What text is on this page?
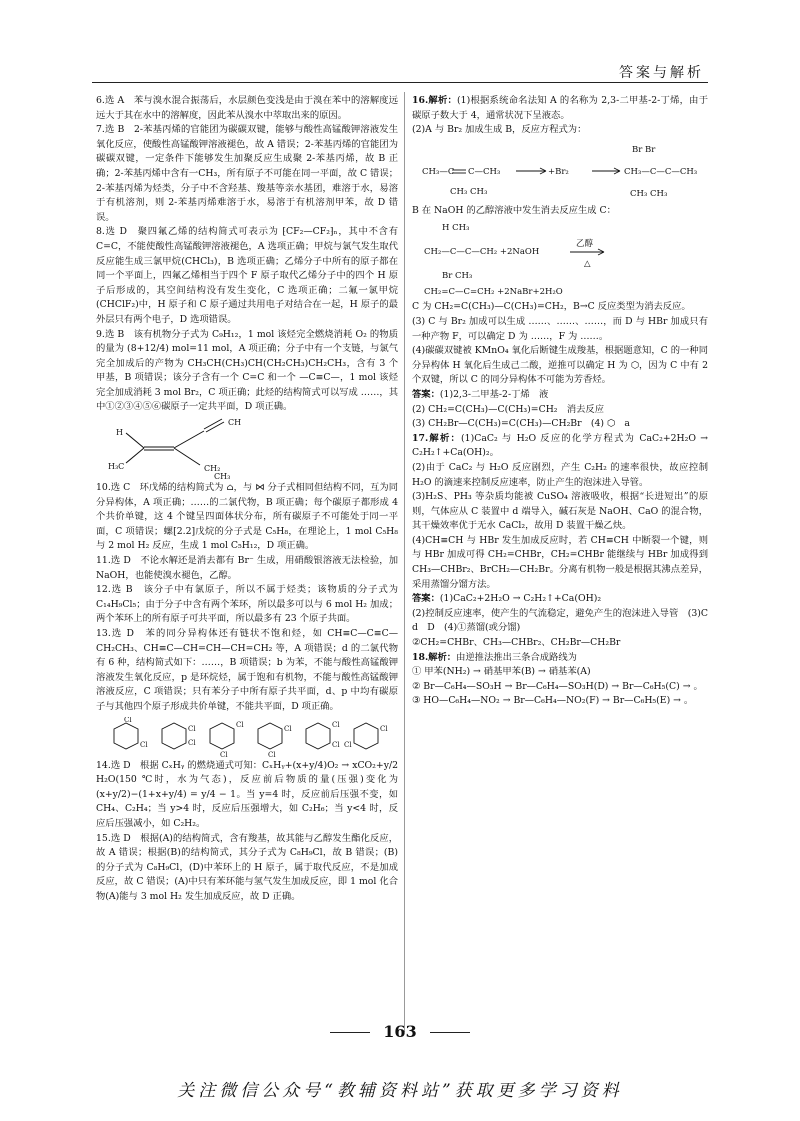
答案与解析

6.选 A　苯与溴水混合振荡后，水层颜色变浅是由于溴在苯中的溶解度远远大于其在水中的溶解度，因此苯从溴水中萃取出来的原因。

7.选 B　2-苯基丙烯的官能团为碳碳双键，能够与酸性高锰酸钾溶液发生氧化反应，使酸性高锰酸钾溶液褪色，故 A 错误；2-苯基丙烯的官能团为碳碳双键，一定条件下能够发生加聚反应生成聚 2-苯基丙烯，故 B 正确；2-苯基丙烯中含有一CH₃，所有原子不可能在同一平面，故 C 错误；2-苯基丙烯为烃类，分子中不含羟基、羧基等亲水基团，难溶于水，易溶于有机溶剂，则 2-苯基丙烯难溶于水，易溶于有机溶剂甲苯，故 D 错误。

8.选 D　聚四氟乙烯的结构简式可表示为 ⁅CF₂—CF₂⁆ₙ，其中不含有 C=C，不能使酸性高锰酸钾溶液褪色，A 选项正确；甲烷与氯气发生取代反应能生成三氯甲烷(CHCl₃)，B 选项正确；乙烯分子中所有的原子都在同一个平面上，四氟乙烯相当于四个 F 原子取代乙烯分子中的四个 H 原子后形成的，其空间结构没有发生变化，C 选项正确；二氟一氯甲烷(CHClF₂)中，H 原子和 C 原子通过共用电子对结合在一起，H 原子的最外层只有两个电子，D 选项错误。

9.选 B　该有机物分子式为 C₉H₁₂，1 mol 该烃完全燃烧消耗 O₂ 的物质的量为 (8+12/4) mol=11 mol，A 项正确；分子中有一个支链，与氯气完全加成后的产物为 CH₃CH(CH₃)CH(CH₂CH₃)CH₂CH₃，含有 3 个甲基，B 项错误；该分子含有一个 C=C 和一个 —C≡C—，1 mol 该烃完全加成消耗 3 mol Br₂，C 项正确；此烃的结构简式可以写成 ……，其中①②③④⑤⑥碳原子一定共平面，D 项正确。

H
H₃C	CH₂
CH₃
CH

10.选 C　环戊烯的结构简式为 ⌂，与 ⋈ 分子式相同但结构不同，互为同分异构体，A 项正确；……的二氯代物，B 项正确；每个碳原子都形成 4 个共价单键，这 4 个键呈四面体状分布，所有碳原子不可能处于同一平面，C 项错误；螺[2.2]戊烷的分子式是 C₅H₈，在理论上，1 mol C₅H₈ 与 2 mol H₂ 反应，生成 1 mol C₅H₁₂，D 项正确。

11.选 D　不论水解还是消去都有 Br⁻ 生成，用硝酸银溶液无法检验，加 NaOH，也能使溴水褪色，乙醇。

12.选 B　该分子中有氯原子，所以不属于烃类；该物质的分子式为 C₁₄H₉Cl₅；由于分子中含有两个苯环，所以最多可以与 6 mol H₂ 加成；两个苯环上的所有原子可共平面，所以最多有 23 个原子共面。

13.选 D　苯的同分异构体还有链状不饱和烃，如 CH≡C—C≡C—CH₂CH₃、CH≡C—CH=CH—CH=CH₂ 等，A 项错误；d 的二氯代物有 6 种，结构简式如下：……，B 项错误；b 为苯，不能与酸性高锰酸钾溶液发生氧化反应，p 是环烷烃，属于饱和有机物，不能与酸性高锰酸钾溶液反应，C 项错误；只有苯分子中所有原子共平面，d、p 中均有碳原子与其他四个原子形成共价单键，不能共平面，D 项正确。

Cl
Cl
Cl
Cl
Cl
Cl
Cl
Cl
Cl
Cl
Cl
Cl

14.选 D　根据 CₓHᵧ 的燃烧通式可知：CₓHᵧ+(x+y/4)O₂ → xCO₂+y/2 H₂O(150 ℃时，水为气态)，反应前后物质的量(压强)变化为 (x+y/2)−(1+x+y/4) = y/4 − 1。当 y=4 时，反应前后压强不变，如 CH₄、C₂H₄；当 y>4 时，反应后压强增大，如 C₂H₆；当 y<4 时，反应后压强减小，如 C₂H₂。

15.选 D　根据(A)的结构简式，含有羧基，故其能与乙醇发生酯化反应，故 A 错误；根据(B)的结构简式，其分子式为 C₈H₉Cl，故 B 错误；(B)的分子式为 C₈H₉Cl，(D)中苯环上的 H 原子，属于取代反应，不是加成反应，故 C 错误；(A)中只有苯环能与氢气发生加成反应，即 1 mol 化合物(A)能与 3 mol H₂ 发生加成反应，故 D 正确。

16.解析：(1)根据系统命名法知 A 的名称为 2,3-二甲基-2-丁烯，由于碳原子数大于 4，通常状况下呈液态。

(2)A 与 Br₂ 加成生成 B，反应方程式为：

CH₃—C C—CH₃	+Br₂	CH₃—C—C—CH₃
Br Br
CH₃ CH₃
CH₃ CH₃

B 在 NaOH 的乙醇溶液中发生消去反应生成 C：

H CH₃
CH₂—C—C—CH₂ +2NaOH
Br CH₃
乙醇
△
CH₂=C—C=CH₂ +2NaBr+2H₂O

C 为 CH₂=C(CH₃)—C(CH₃)=CH₂，B→C 反应类型为消去反应。

(3) C 与 Br₂ 加成可以生成 ……、……、……，而 D 与 HBr 加成只有一种产物 F，可以确定 D 为 ……，F 为 ……。

(4)碳碳双键被 KMnO₄ 氧化后断键生成羧基，根据题意知，C 的一种同分异构体 H 氧化后生成己二酸，逆推可以确定 H 为 ⬡，因为 C 中有 2 个双键，所以 C 的同分异构体不可能为芳香烃。

答案：(1)2,3-二甲基-2-丁烯　液

(2) CH₂=C(CH₃)—C(CH₃)=CH₂　消去反应

(3) CH₂Br—C(CH₃)=C(CH₃)—CH₂Br　(4) ⬡　a

17.解析：(1)CaC₂ 与 H₂O 反应的化学方程式为 CaC₂+2H₂O → C₂H₂↑+Ca(OH)₂。

(2)由于 CaC₂ 与 H₂O 反应剧烈，产生 C₂H₂ 的速率很快，故应控制 H₂O 的滴速来控制反应速率，防止产生的泡沫进入导管。

(3)H₂S、PH₃ 等杂质均能被 CuSO₄ 溶液吸收，根据“长进短出”的原则，气体应从 C 装置中 d 端导入，碱石灰是 NaOH、CaO 的混合物，其干燥效率优于无水 CaCl₂，故用 D 装置干燥乙炔。

(4)CH≡CH 与 HBr 发生加成反应时，若 CH≡CH 中断裂一个键，则与 HBr 加成可得 CH₂=CHBr，CH₂=CHBr 能继续与 HBr 加成得到 CH₃—CHBr₂、BrCH₂—CH₂Br。分离有机物一般是根据其沸点差异，采用蒸馏分馏方法。

答案：(1)CaC₂+2H₂O → C₂H₂↑+Ca(OH)₂

(2)控制反应速率，使产生的气流稳定，避免产生的泡沫进入导管　(3)C　d　D　(4)①蒸馏(或分馏)

②CH₂=CHBr、CH₃—CHBr₂、CH₂Br—CH₂Br

18.解析：由逆推法推出三条合成路线为

① 甲苯(NH₂) → 硝基甲苯(B) → 硝基苯(A)

② Br—C₆H₄—SO₃H → Br—C₆H₄—SO₃H(D) → Br—C₆H₅(C) → 。

③ HO—C₆H₄—NO₂ → Br—C₆H₄—NO₂(F) → Br—C₆H₅(E) → 。

163
关注微信公众号“教辅资料站”获取更多学习资料
